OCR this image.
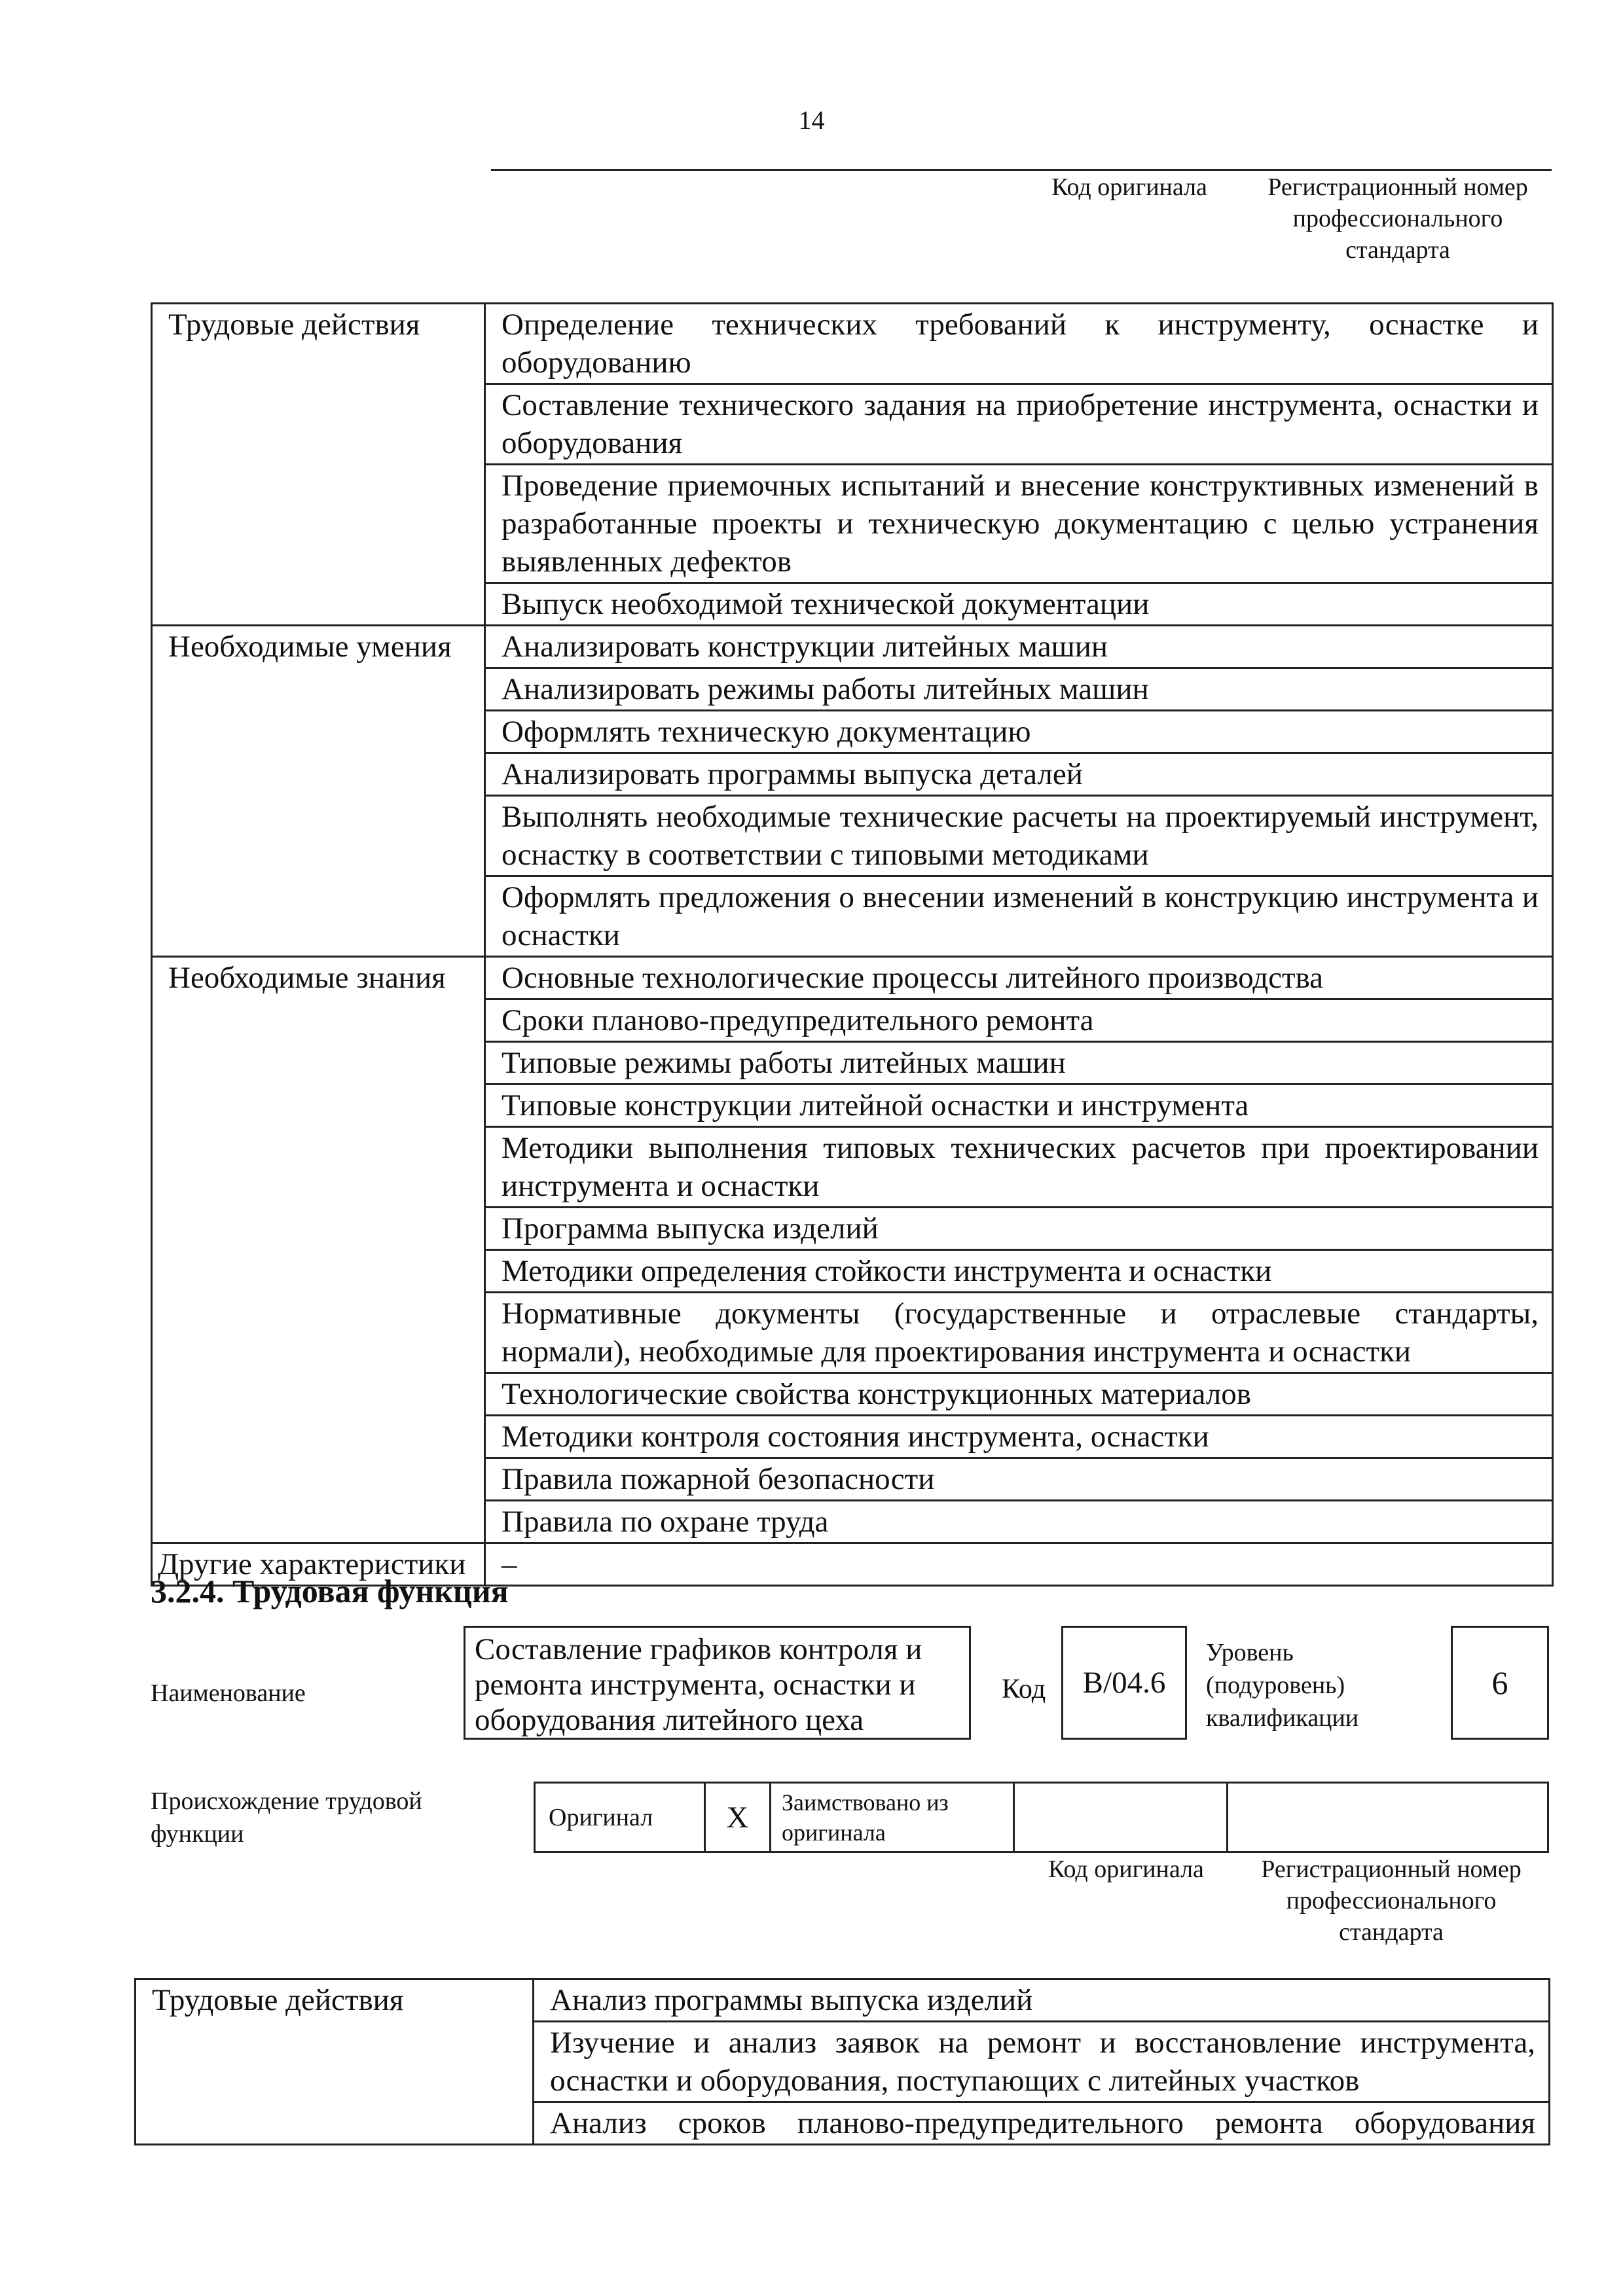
14
Код оригинала	Регистрационный номер
профессионального
стандарта
Трудовые действия	Определение технических требований к инструменту, оснастке и оборудованию
	Составление технического задания на приобретение инструмента, оснастки и оборудования
	Проведение приемочных испытаний и внесение конструктивных изменений в разработанные проекты и техническую документацию с целью устранения выявленных дефектов
	Выпуск необходимой технической документации
Необходимые умения	Анализировать конструкции литейных машин
	Анализировать режимы работы литейных машин
	Оформлять техническую документацию
	Анализировать программы выпуска деталей
	Выполнять необходимые технические расчеты на проектируемый инструмент, оснастку в соответствии с типовыми методиками
	Оформлять предложения о внесении изменений в конструкцию инструмента и оснастки
Необходимые знания	Основные технологические процессы литейного производства
	Сроки планово-предупредительного ремонта
	Типовые режимы работы литейных машин
	Типовые конструкции литейной оснастки и инструмента
	Методики выполнения типовых технических расчетов при проектировании инструмента и оснастки
	Программа выпуска изделий
	Методики определения стойкости инструмента и оснастки
	Нормативные документы (государственные и отраслевые стандарты, нормали), необходимые для проектирования инструмента и оснастки
	Технологические свойства конструкционных материалов
	Методики контроля состояния инструмента, оснастки
	Правила пожарной безопасности
	Правила по охране труда
Другие характеристики	–
3.2.4. Трудовая функция
Наименование
Составление графиков контроля и ремонта инструмента, оснастки и оборудования литейного цеха
Код	B/04.6
Уровень
(подуровень)
квалификации
6
Происхождение трудовой
функции
Оригинал	X	Заимствовано из
оригинала

Код оригинала	Регистрационный номер
профессионального
стандарта
Трудовые действия	Анализ программы выпуска изделий
Изучение и анализ заявок на ремонт и восстановление инструмента, оснастки и оборудования, поступающих с литейных участков
Анализ сроков планово-предупредительного ремонта оборудования
